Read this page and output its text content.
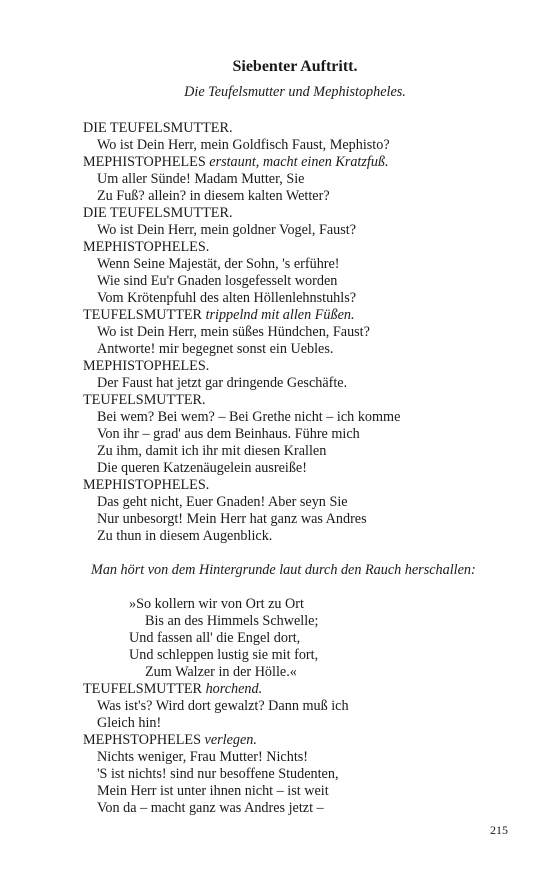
Siebenter Auftritt.
Die Teufelsmutter und Mephistopheles.
DIE TEUFELSMUTTER.
Wo ist Dein Herr, mein Goldfisch Faust, Mephisto?
MEPHISTOPHELES erstaunt, macht einen Kratzfuß.
Um aller Sünde! Madam Mutter, Sie
Zu Fuß? allein? in diesem kalten Wetter?
DIE TEUFELSMUTTER.
Wo ist Dein Herr, mein goldner Vogel, Faust?
MEPHISTOPHELES.
Wenn Seine Majestät, der Sohn, 's erführe!
Wie sind Eu'r Gnaden losgefesselt worden
Vom Krötenpfuhl des alten Höllenlehnstuhls?
TEUFELSMUTTER trippelnd mit allen Füßen.
Wo ist Dein Herr, mein süßes Hündchen, Faust?
Antworte! mir begegnet sonst ein Uebles.
MEPHISTOPHELES.
Der Faust hat jetzt gar dringende Geschäfte.
TEUFELSMUTTER.
Bei wem? Bei wem? – Bei Grethe nicht – ich komme
Von ihr – grad' aus dem Beinhaus. Führe mich
Zu ihm, damit ich ihr mit diesen Krallen
Die queren Katzenäugelein ausreiße!
MEPHISTOPHELES.
Das geht nicht, Euer Gnaden! Aber seyn Sie
Nur unbesorgt! Mein Herr hat ganz was Andres
Zu thun in diesem Augenblick.
Man hört von dem Hintergrunde laut durch den Rauch herschallen:
»So kollern wir von Ort zu Ort
Bis an des Himmels Schwelle;
Und fassen all' die Engel dort,
Und schleppen lustig sie mit fort,
Zum Walzer in der Hölle.«
TEUFELSMUTTER horchend.
Was ist's? Wird dort gewalzt? Dann muß ich
Gleich hin!
MEPHSTOPHELES verlegen.
Nichts weniger, Frau Mutter! Nichts!
'S ist nichts! sind nur besoffene Studenten,
Mein Herr ist unter ihnen nicht – ist weit
Von da – macht ganz was Andres jetzt –
215
